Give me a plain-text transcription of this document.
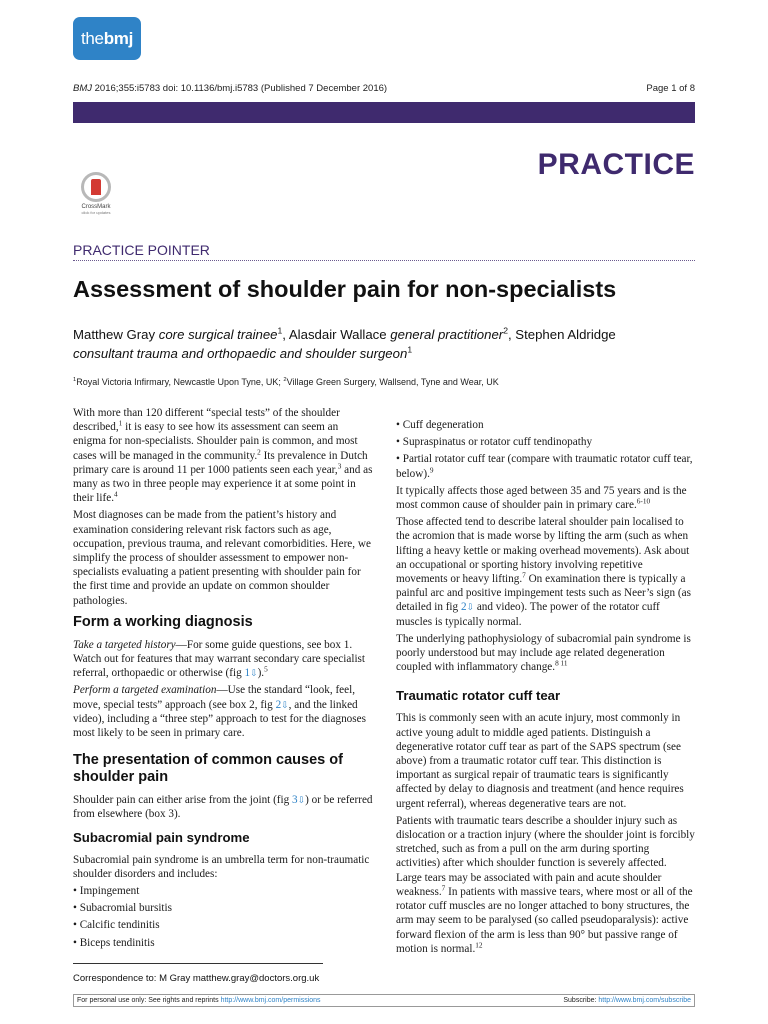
thebmj
BMJ 2016;355:i5783 doi: 10.1136/bmj.i5783 (Published 7 December 2016)	Page 1 of 8
PRACTICE
CrossMark
click for updates
PRACTICE POINTER
Assessment of shoulder pain for non-specialists
Matthew Gray core surgical trainee$^1$, Alasdair Wallace general practitioner$^2$, Stephen Aldridge
consultant trauma and orthopaedic and shoulder surgeon$^1$
$^1$Royal Victoria Infirmary, Newcastle Upon Tyne, UK; $^2$Village Green Surgery, Wallsend, Tyne and Wear, UK

With more than 120 different “special tests” of the shoulder described,$^1$ it is easy to see how its assessment can seem an enigma for non-specialists. Shoulder pain is common, and most cases will be managed in the community.$^2$ Its prevalence in Dutch primary care is around 11 per 1000 patients seen each year,$^3$ and as many as two in three people may experience it at some point in their life.$^4$

Most diagnoses can be made from the patient’s history and examination considering relevant risk factors such as age, occupation, previous trauma, and relevant comorbidities. Here, we simplify the process of shoulder assessment to empower non-specialists evaluating a patient presenting with shoulder pain for the first time and provide an update on common shoulder pathologies.

Form a working diagnosis

Take a targeted history—For some guide questions, see box 1. Watch out for features that may warrant secondary care specialist referral, orthopaedic or otherwise (fig 1⇩).$^5$

Perform a targeted examination—Use the standard “look, feel, move, special tests” approach (see box 2, fig 2⇩, and the linked video), including a “three step” approach to test for the diagnoses most likely to be seen in primary care.

The presentation of common causes of shoulder pain

Shoulder pain can either arise from the joint (fig 3⇩) or be referred from elsewhere (box 3).

Subacromial pain syndrome

Subacromial pain syndrome is an umbrella term for non-traumatic shoulder disorders and includes:

• Impingement
• Subacromial bursitis
• Calcific tendinitis
• Biceps tendinitis
• Cuff degeneration
• Supraspinatus or rotator cuff tendinopathy
• Partial rotator cuff tear (compare with traumatic rotator cuff tear, below).$^9$

It typically affects those aged between 35 and 75 years and is the most common cause of shoulder pain in primary care.$^{6-10}$

Those affected tend to describe lateral shoulder pain localised to the acromion that is made worse by lifting the arm (such as when lifting a heavy kettle or making overhead movements). Ask about an occupational or sporting history involving repetitive movements or heavy lifting.$^7$ On examination there is typically a painful arc and positive impingement tests such as Neer’s sign (as detailed in fig 2⇩ and video). The power of the rotator cuff muscles is typically normal.

The underlying pathophysiology of subacromial pain syndrome is poorly understood but may include age related degeneration coupled with inflammatory change.$^{8 11}$

Traumatic rotator cuff tear

This is commonly seen with an acute injury, most commonly in active young adult to middle aged patients. Distinguish a degenerative rotator cuff tear as part of the SAPS spectrum (see above) from a traumatic rotator cuff tear. This distinction is important as surgical repair of traumatic tears is significantly affected by delay to diagnosis and treatment (and hence requires urgent referral), whereas degenerative tears are not.

Patients with traumatic tears describe a shoulder injury such as dislocation or a traction injury (where the shoulder joint is forcibly stretched, such as from a pull on the arm during sporting activities) after which shoulder function is severely affected. Large tears may be associated with pain and acute shoulder weakness.$^7$ In patients with massive tears, where most or all of the rotator cuff muscles are no longer attached to bony structures, the arm may seem to be paralysed (so called pseudoparalysis): active forward flexion of the arm is less than 90° but passive range of motion is normal.$^{12}$

Correspondence to: M Gray matthew.gray@doctors.org.uk
For personal use only: See rights and reprints http://www.bmj.com/permissions	Subscribe: http://www.bmj.com/subscribe
